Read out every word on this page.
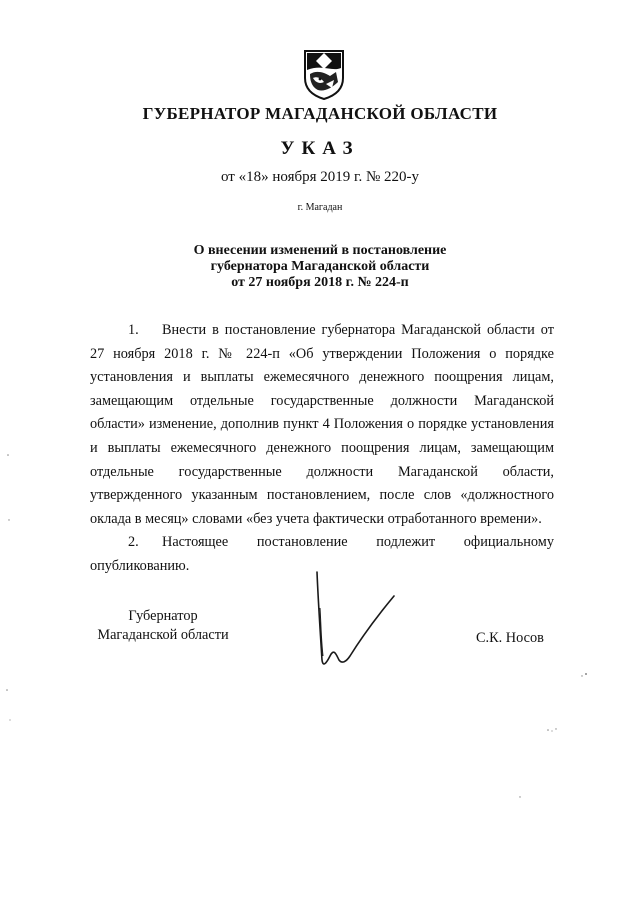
ГУБЕРНАТОР МАГАДАНСКОЙ ОБЛАСТИ
УКАЗ
от «18» ноября 2019 г. № 220-у
г. Магадан
О внесении изменений в постановление
губернатора Магаданской области
от 27 ноября 2018 г. № 224-п

1. Внести в постановление губернатора Магаданской области от 27 ноября 2018 г. № 224-п «Об утверждении Положения о порядке установления и выплаты ежемесячного денежного поощрения лицам, замещающим отдельные государственные должности Магаданской области» изменение, дополнив пункт 4 Положения о порядке установления и выплаты ежемесячного денежного поощрения лицам, замещающим отдельные государственные должности Магаданской области, утвержденного указанным постановлением, после слов «должностного оклада в месяц» словами «без учета фактически отработанного времени».

2. Настоящее постановление подлежит официальному опубликованию.

Губернатор
Магаданской области	С.К. Носов
